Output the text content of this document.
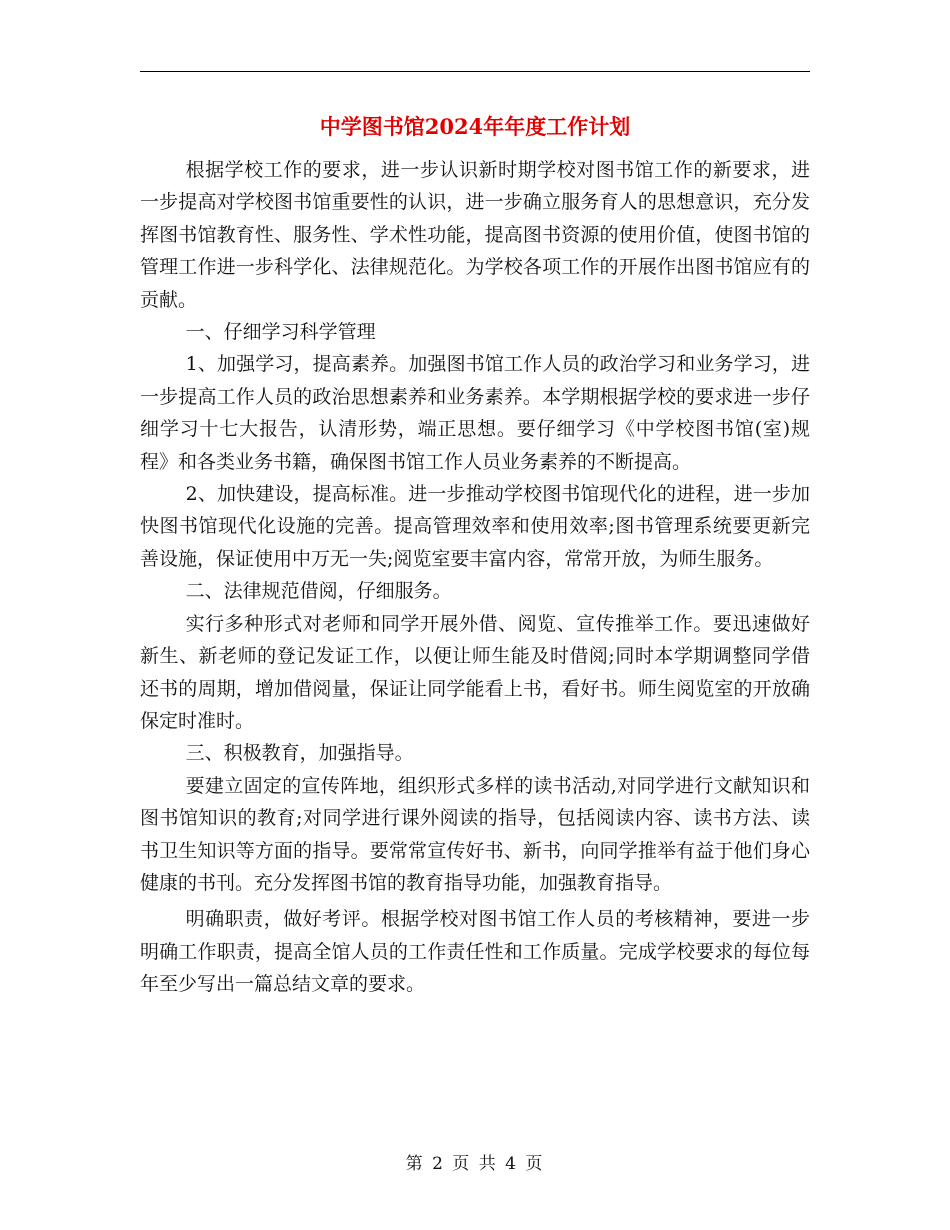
中学图书馆2024年年度工作计划

根据学校工作的要求，进一步认识新时期学校对图书馆工作的新要求，进一步提高对学校图书馆重要性的认识，进一步确立服务育人的思想意识，充分发挥图书馆教育性、服务性、学术性功能，提高图书资源的使用价值，使图书馆的管理工作进一步科学化、法律规范化。为学校各项工作的开展作出图书馆应有的贡献。

一、仔细学习科学管理

1、加强学习，提高素养。加强图书馆工作人员的政治学习和业务学习，进一步提高工作人员的政治思想素养和业务素养。本学期根据学校的要求进一步仔细学习十七大报告，认清形势，端正思想。要仔细学习《中学校图书馆(室)规程》和各类业务书籍，确保图书馆工作人员业务素养的不断提高。

2、加快建设，提高标准。进一步推动学校图书馆现代化的进程，进一步加快图书馆现代化设施的完善。提高管理效率和使用效率;图书管理系统要更新完善设施，保证使用中万无一失;阅览室要丰富内容，常常开放，为师生服务。

二、法律规范借阅，仔细服务。

实行多种形式对老师和同学开展外借、阅览、宣传推举工作。要迅速做好新生、新老师的登记发证工作，以便让师生能及时借阅;同时本学期调整同学借还书的周期，增加借阅量，保证让同学能看上书，看好书。师生阅览室的开放确保定时准时。

三、积极教育，加强指导。

要建立固定的宣传阵地，组织形式多样的读书活动,对同学进行文献知识和图书馆知识的教育;对同学进行课外阅读的指导，包括阅读内容、读书方法、读书卫生知识等方面的指导。要常常宣传好书、新书，向同学推举有益于他们身心健康的书刊。充分发挥图书馆的教育指导功能，加强教育指导。

明确职责，做好考评。根据学校对图书馆工作人员的考核精神，要进一步明确工作职责，提高全馆人员的工作责任性和工作质量。完成学校要求的每位每年至少写出一篇总结文章的要求。

第 2 页 共 4 页
